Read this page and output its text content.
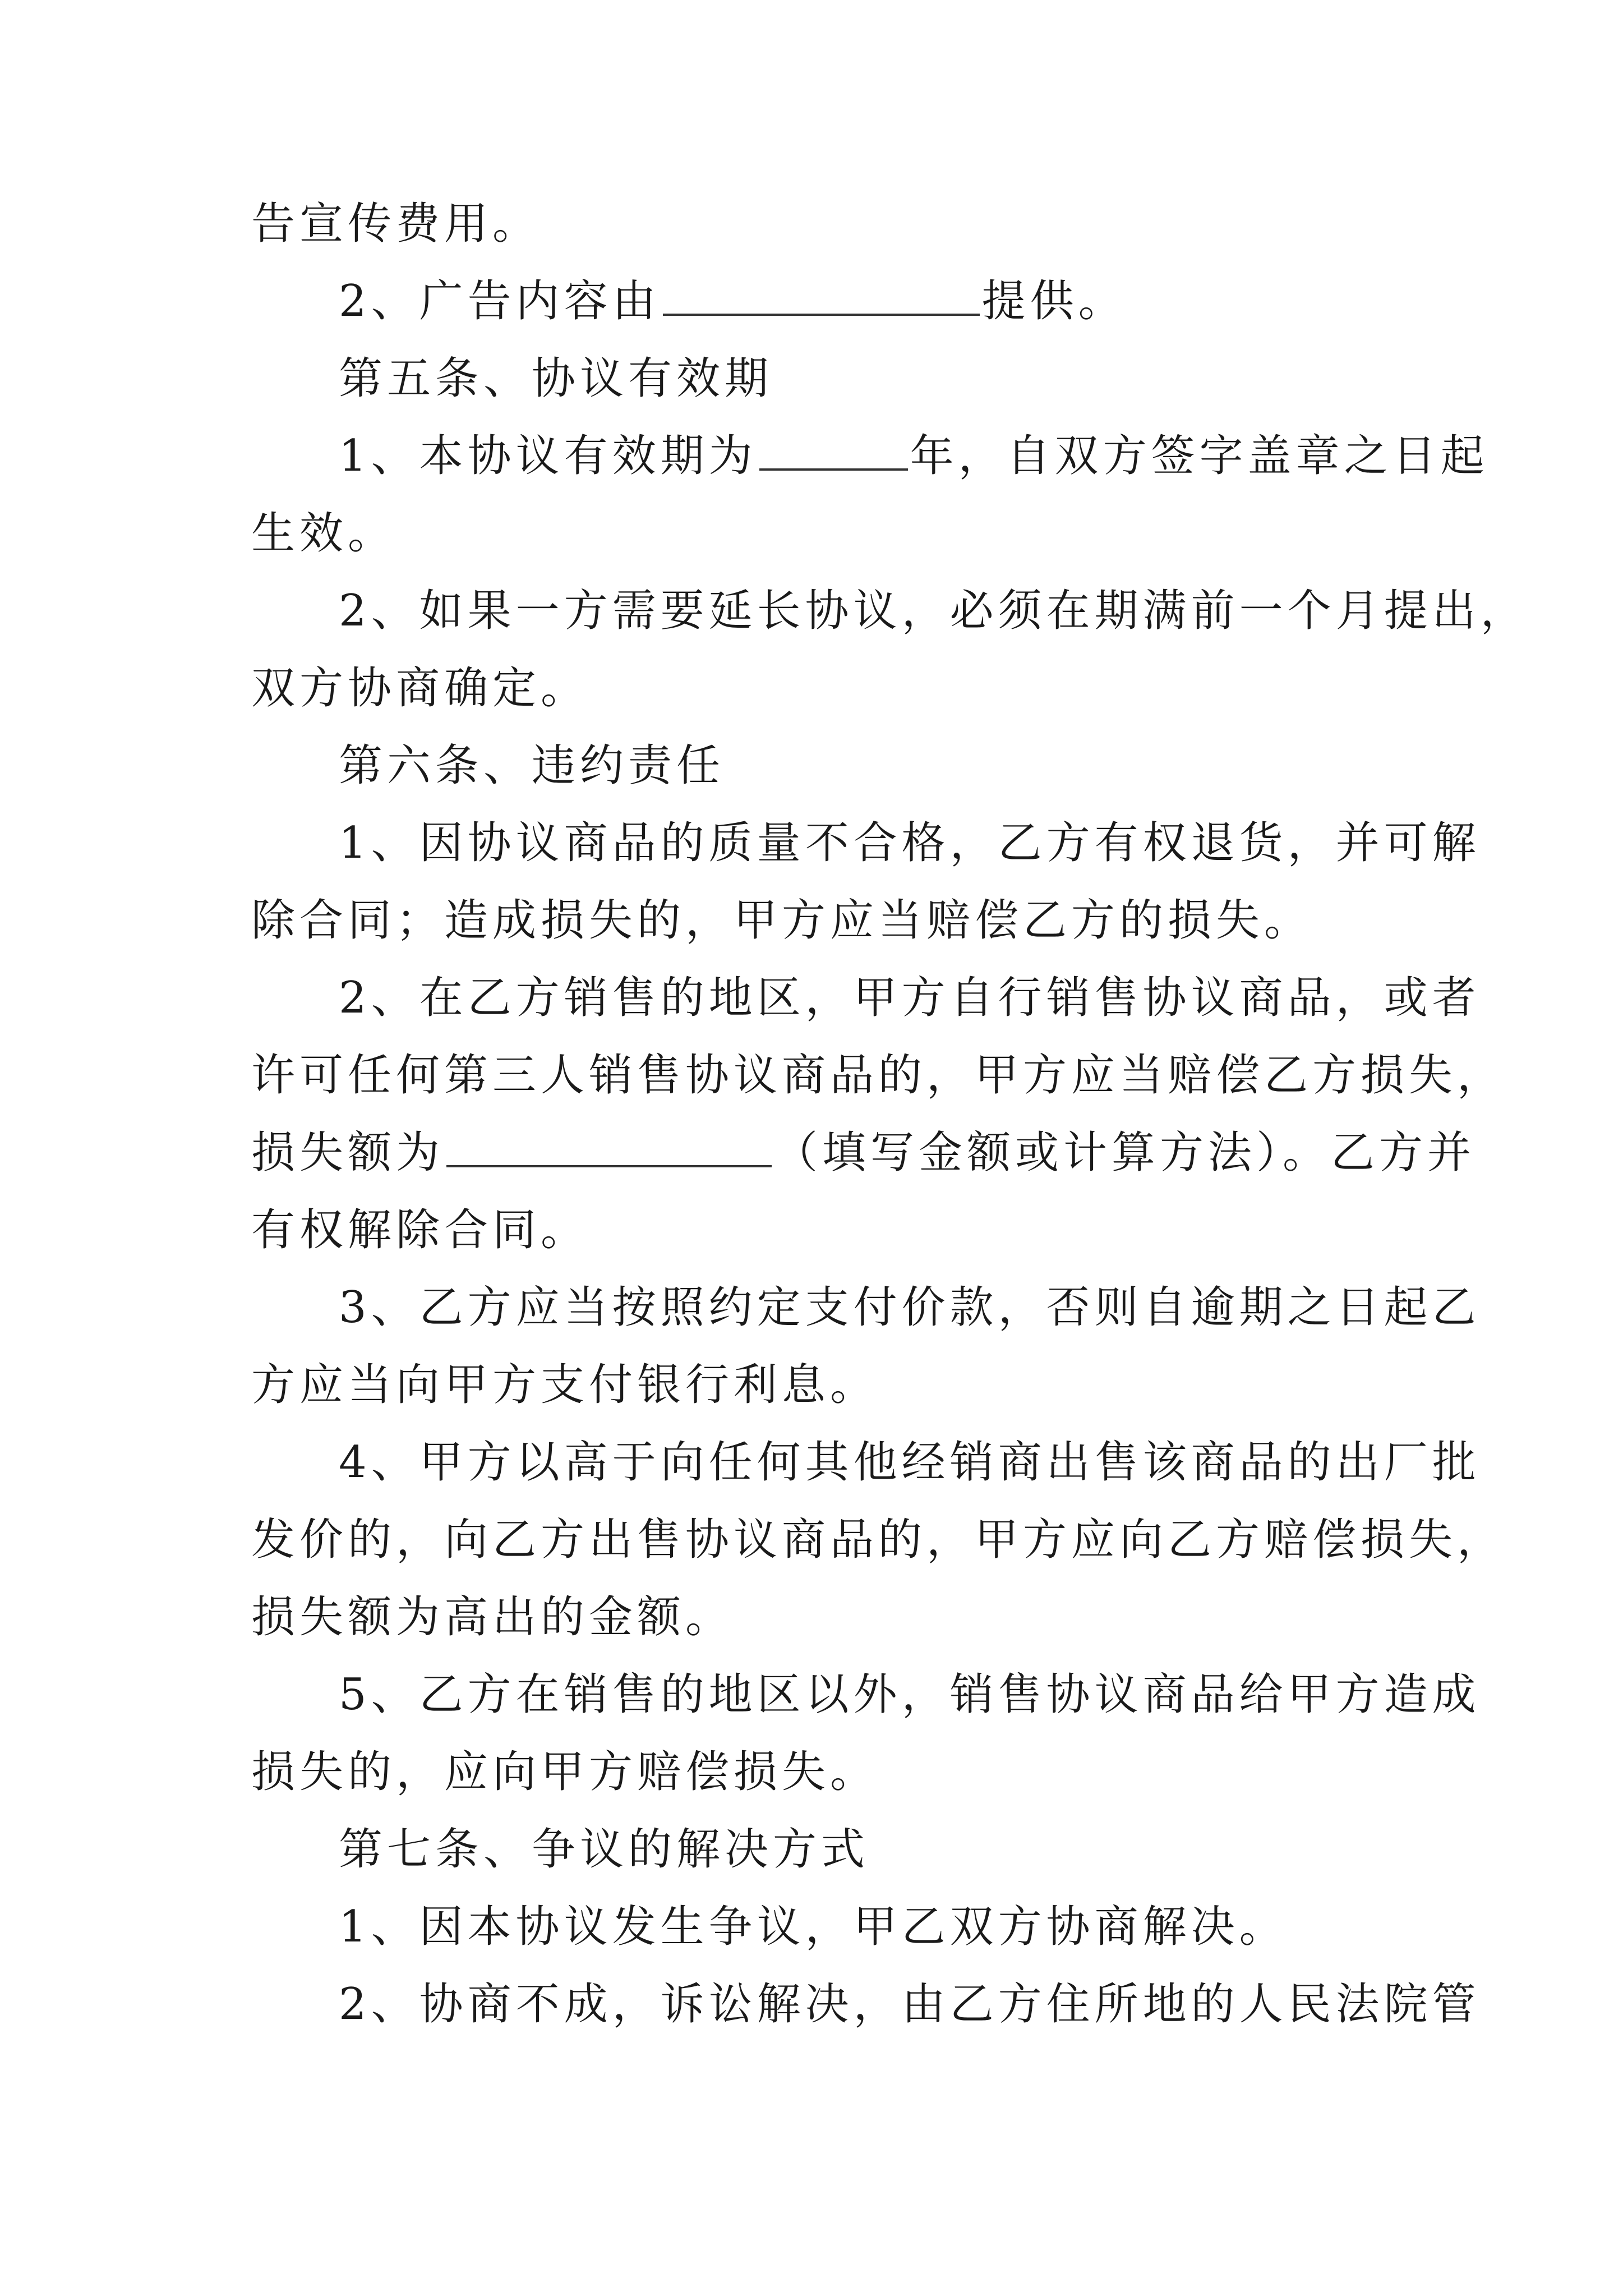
告宣传费用。
2、广告内容由	提供。
第五条、协议有效期
1、本协议有效期为	年，自双方签字盖章之日起
生效。
2、如果一方需要延长协议，必须在期满前一个月提出，
双方协商确定。
第六条、违约责任
1、因协议商品的质量不合格，乙方有权退货，并可解
除合同；造成损失的，甲方应当赔偿乙方的损失。
2、在乙方销售的地区，甲方自行销售协议商品，或者
许可任何第三人销售协议商品的，甲方应当赔偿乙方损失，
损失额为	（填写金额或计算方法）。乙方并
有权解除合同。
3、乙方应当按照约定支付价款，否则自逾期之日起乙
方应当向甲方支付银行利息。
4、甲方以高于向任何其他经销商出售该商品的出厂批
发价的，向乙方出售协议商品的，甲方应向乙方赔偿损失，
损失额为高出的金额。
5、乙方在销售的地区以外，销售协议商品给甲方造成
损失的，应向甲方赔偿损失。
第七条、争议的解决方式
1、因本协议发生争议，甲乙双方协商解决。
2、协商不成，诉讼解决，由乙方住所地的人民法院管
